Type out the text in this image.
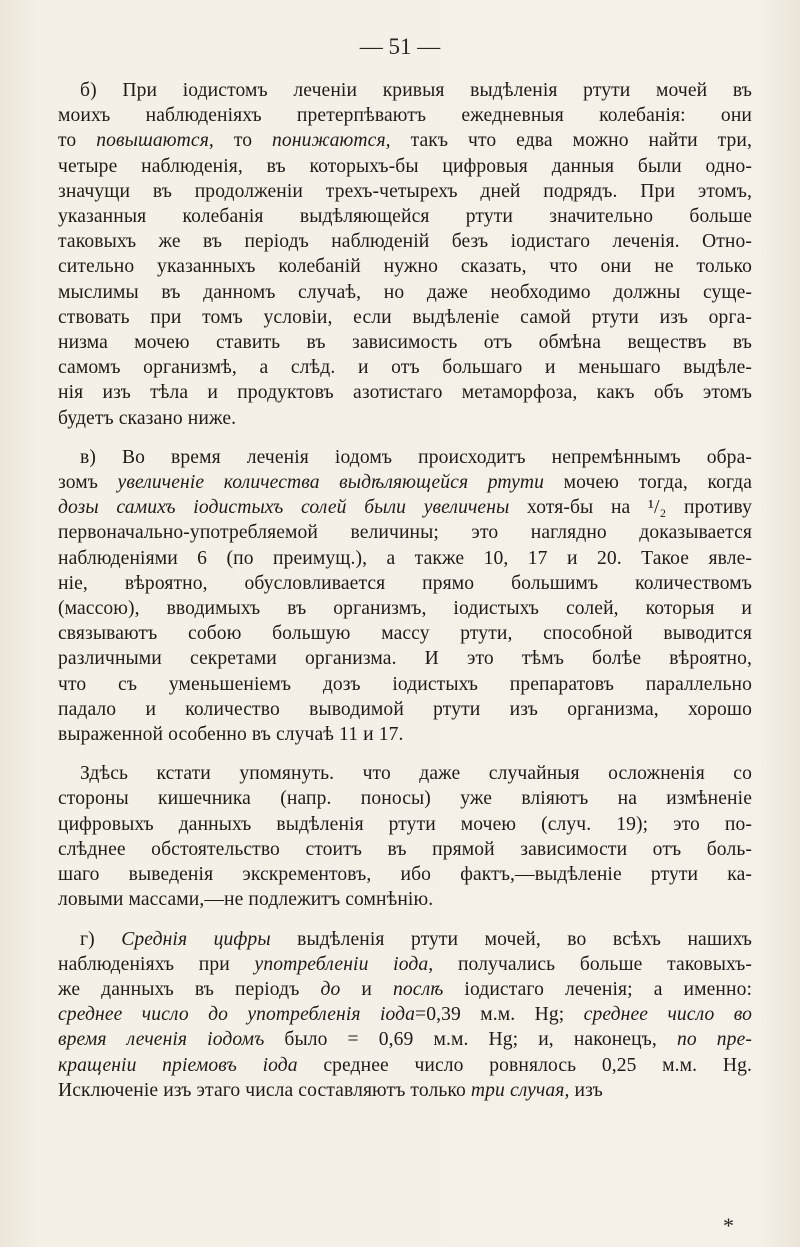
— 51 —
б) При іодистомъ леченіи кривыя выдѣленія ртути мочей въ
моихъ наблюденіяхъ претерпѣваютъ ежедневныя колебанія: они
то повышаются, то понижаются, такъ что едва можно найти три,
четыре наблюденія, въ которыхъ-бы цифровыя данныя были одно-
значущи въ продолженіи трехъ-четырехъ дней подрядъ. При этомъ,
указанныя колебанія выдѣляющейся ртути значительно больше
таковыхъ же въ періодъ наблюденій безъ іодистаго леченія. Отно-
сительно указанныхъ колебаній нужно сказать, что они не только
мыслимы въ данномъ случаѣ, но даже необходимо должны суще-
ствовать при томъ условіи, если выдѣленіе самой ртути изъ орга-
низма мочею ставить въ зависимость отъ обмѣна веществъ въ
самомъ организмѣ, а слѣд. и отъ большаго и меньшаго выдѣле-
нія изъ тѣла и продуктовъ азотистаго метаморфоза, какъ объ этомъ
будетъ сказано ниже.
в) Во время леченія іодомъ происходитъ непремѣннымъ обра-
зомъ увеличеніе количества выдѣляющейся ртути мочею тогда, когда
дозы самихъ іодистыхъ солей были увеличены хотя-бы на ¹/₂ противу
первоначально-употребляемой величины; это наглядно доказывается
наблюденіями 6 (по преимущ.), а также 10, 17 и 20. Такое явле-
ніе, вѣроятно, обусловливается прямо большимъ количествомъ
(массою), вводимыхъ въ организмъ, іодистыхъ солей, которыя и
связываютъ собою большую массу ртути, способной выводится
различными секретами организма. И это тѣмъ болѣе вѣроятно,
что съ уменьшеніемъ дозъ іодистыхъ препаратовъ параллельно
падало и количество выводимой ртути изъ организма, хорошо
выраженной особенно въ случаѣ 11 и 17.
Здѣсь кстати упомянуть. что даже случайныя осложненія со
стороны кишечника (напр. поносы) уже вліяютъ на измѣненіе
цифровыхъ данныхъ выдѣленія ртути мочею (случ. 19); это по-
слѣднее обстоятельство стоитъ въ прямой зависимости отъ боль-
шаго выведенія экскрементовъ, ибо фактъ,—выдѣленіе ртути ка-
ловыми массами,—не подлежитъ сомнѣнію.
г) Среднія цифры выдѣленія ртути мочей, во всѣхъ нашихъ
наблюденіяхъ при употребленіи іода, получались больше таковыхъ-
же данныхъ въ періодъ до и послѣ іодистаго леченія; а именно:
среднее число до употребленія іода=0,39 м.м. Hg; среднее число во
время леченія іодомъ было = 0,69 м.м. Hg; и, наконецъ, по пре-
кращеніи пріемовъ іода среднее число ровнялось 0,25 м.м. Hg.
Исключеніе изъ этаго числа составляютъ только три случая, изъ
*
